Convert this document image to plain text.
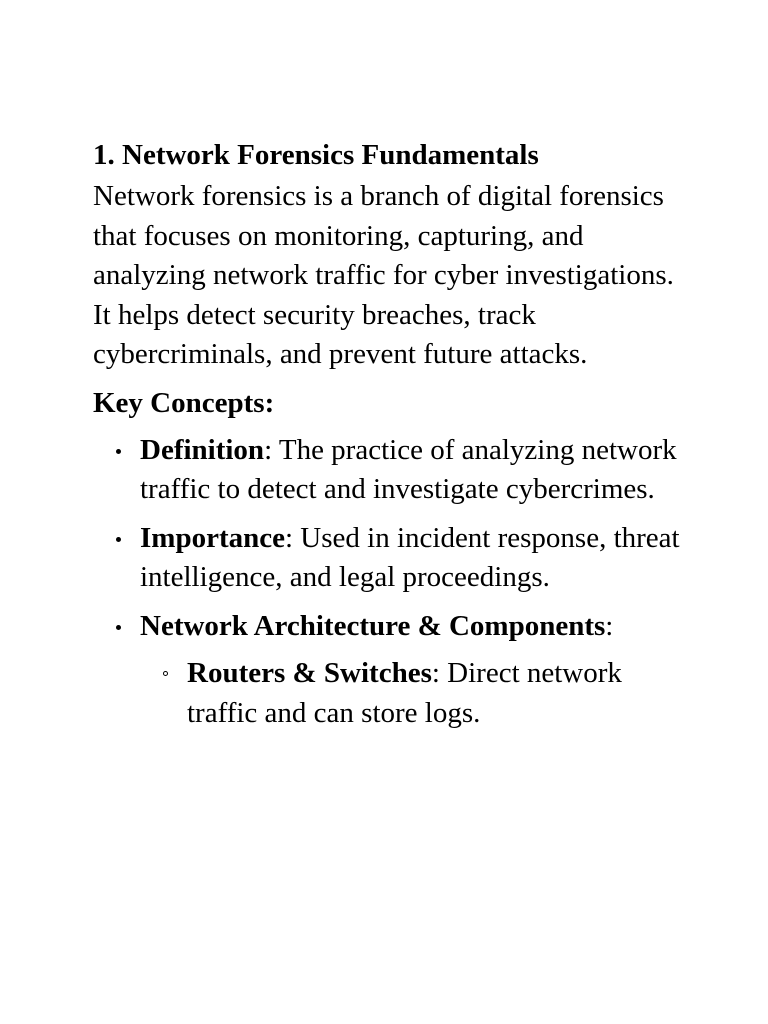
1. Network Forensics Fundamentals
Network forensics is a branch of digital forensics that focuses on monitoring, capturing, and analyzing network traffic for cyber investigations. It helps detect security breaches, track cybercriminals, and prevent future attacks.
Key Concepts:
Definition: The practice of analyzing network traffic to detect and investigate cybercrimes.
Importance: Used in incident response, threat intelligence, and legal proceedings.
Network Architecture & Components:
Routers & Switches: Direct network traffic and can store logs.
